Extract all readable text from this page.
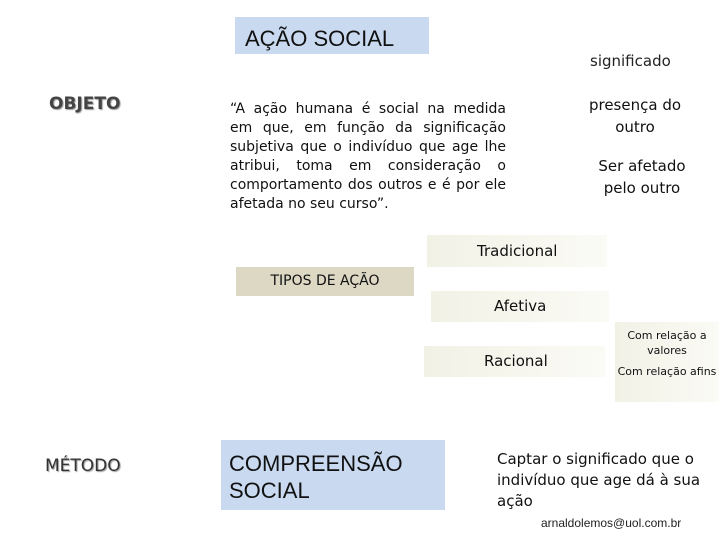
AÇÃO SOCIAL
OBJETO
significado
“A ação humana é social na medida em que, em função da significação subjetiva que o indivíduo que age lhe atribui, toma em consideração o comportamento dos outros e é por ele afetada no seu curso”.
presença do outro
Ser afetado pelo outro
Tradicional
TIPOS DE AÇÃO
Afetiva
Racional
Com relação a valores
Com relação afins
MÉTODO	COMPREENSÃO SOCIAL
Captar o significado que o indivíduo que age dá à sua ação
arnaldolemos@uol.com.br
